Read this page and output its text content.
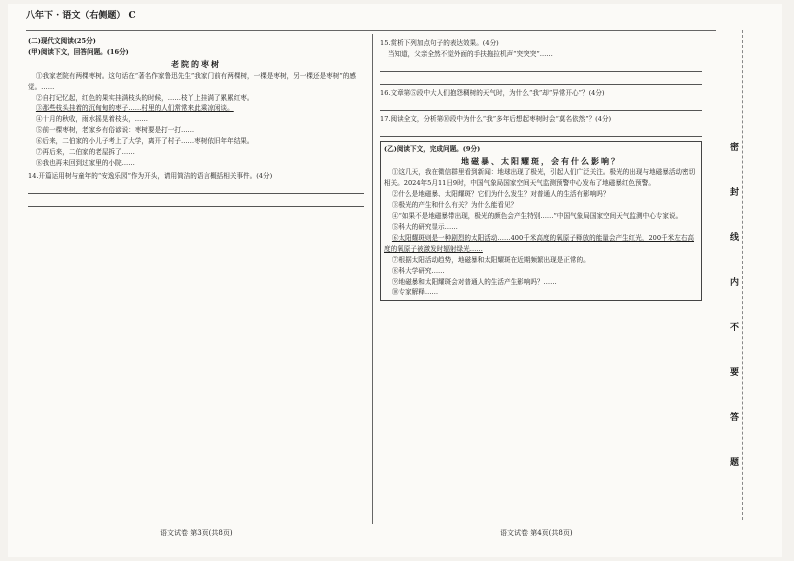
八年下 · 语文（右侧题） C

(二)现代文阅读(25分)

(甲)阅读下文，回答问题。(16分)

老院的枣树

①我家老院有两棵枣树。这句话在“著名作家鲁迅先生”我家门前有两棵树，一棵是枣树，另一棵还是枣树”的感觉。……

②自打记忆起，红色的果实挂满枝头的时候，……枝丫上挂满了累累红枣。

③那些枝头挂着的沉甸甸的枣子……村里的人们常常来此乘凉闲谈。

④十月的秋收，雨水摇晃着枝头，……

⑤前一棵枣树，老家乡有俗谚说：枣树要是打一打……

⑥后来，二伯家的小儿子考上了大学，离开了村子……枣树依旧年年结果。

⑦再后来，二伯家的老屋拆了……

⑧我也再未回到过家里的小院……

14.开篇运用树与童年的“安逸乐园”作为开头，请用简洁的语言概括相关事件。(4分)

15.赏析下列加点句子的表达效果。(4分)

当知道，父亲全然不觉外面的手扶拖拉机声“突突突”……

16.文章第⑤段中大人们抱怨稠树的天气时，为什么“我”却“异常开心”？(4分)

17.阅读全文，分析第⑩段中为什么“我”多年后想起枣树时会“莫名依然”？(4分)

(乙)阅读下文，完成问题。(9分)

地磁暴、太阳耀斑，会有什么影响？

①这几天，我在微信群里看到新闻：地球出现了极光，引起人们广泛关注。极光的出现与地磁暴活动密切相关。2024年5月11日9时，中国气象局国家空间天气监测预警中心发布了地磁暴红色预警。

②什么是地磁暴、太阳耀斑？它们为什么发生？对普通人的生活有影响吗？

③极光的产生和什么有关？为什么能看见？

④“如果不是地磁暴带出现，极光的颜色会产生特别……”中国气象局国家空间天气监测中心专家说。

⑤科大的研究显示……

⑥太阳耀斑则是一种剧烈的太阳活动……400千米高度的氧原子释放的能量会产生红光，200千米左右高度的氧原子被激发时辐射绿光……

⑦根据太阳活动趋势，地磁暴和太阳耀斑在近期频繁出现是正常的。

⑧科大学研究……

⑨地磁暴和太阳耀斑会对普通人的生活产生影响吗？……

⑩专家解释……

语文试卷 第3页(共8页)	语文试卷 第4页(共8页)
密
封
线
内
不
要
答
题
